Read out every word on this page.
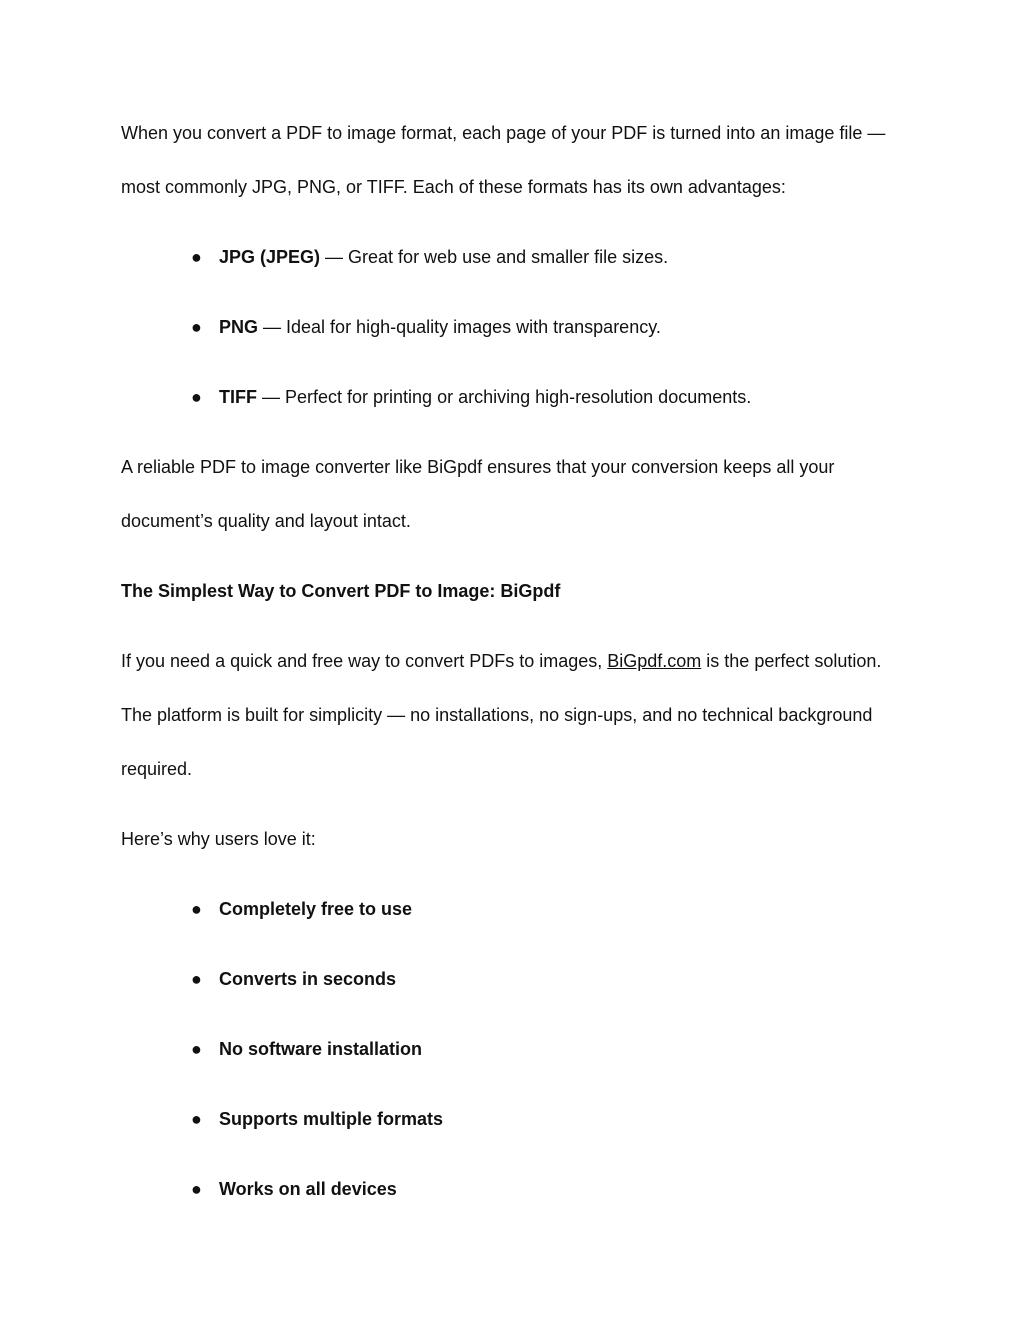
When you convert a PDF to image format, each page of your PDF is turned into an image file —
most commonly JPG, PNG, or TIFF. Each of these formats has its own advantages:
● JPG (JPEG) — Great for web use and smaller file sizes.
● PNG — Ideal for high-quality images with transparency.
● TIFF — Perfect for printing or archiving high-resolution documents.
A reliable PDF to image converter like BiGpdf ensures that your conversion keeps all your
document’s quality and layout intact.
The Simplest Way to Convert PDF to Image: BiGpdf
If you need a quick and free way to convert PDFs to images, BiGpdf.com is the perfect solution.
The platform is built for simplicity — no installations, no sign-ups, and no technical background
required.
Here’s why users love it:
● Completely free to use
● Converts in seconds
● No software installation
● Supports multiple formats
● Works on all devices
